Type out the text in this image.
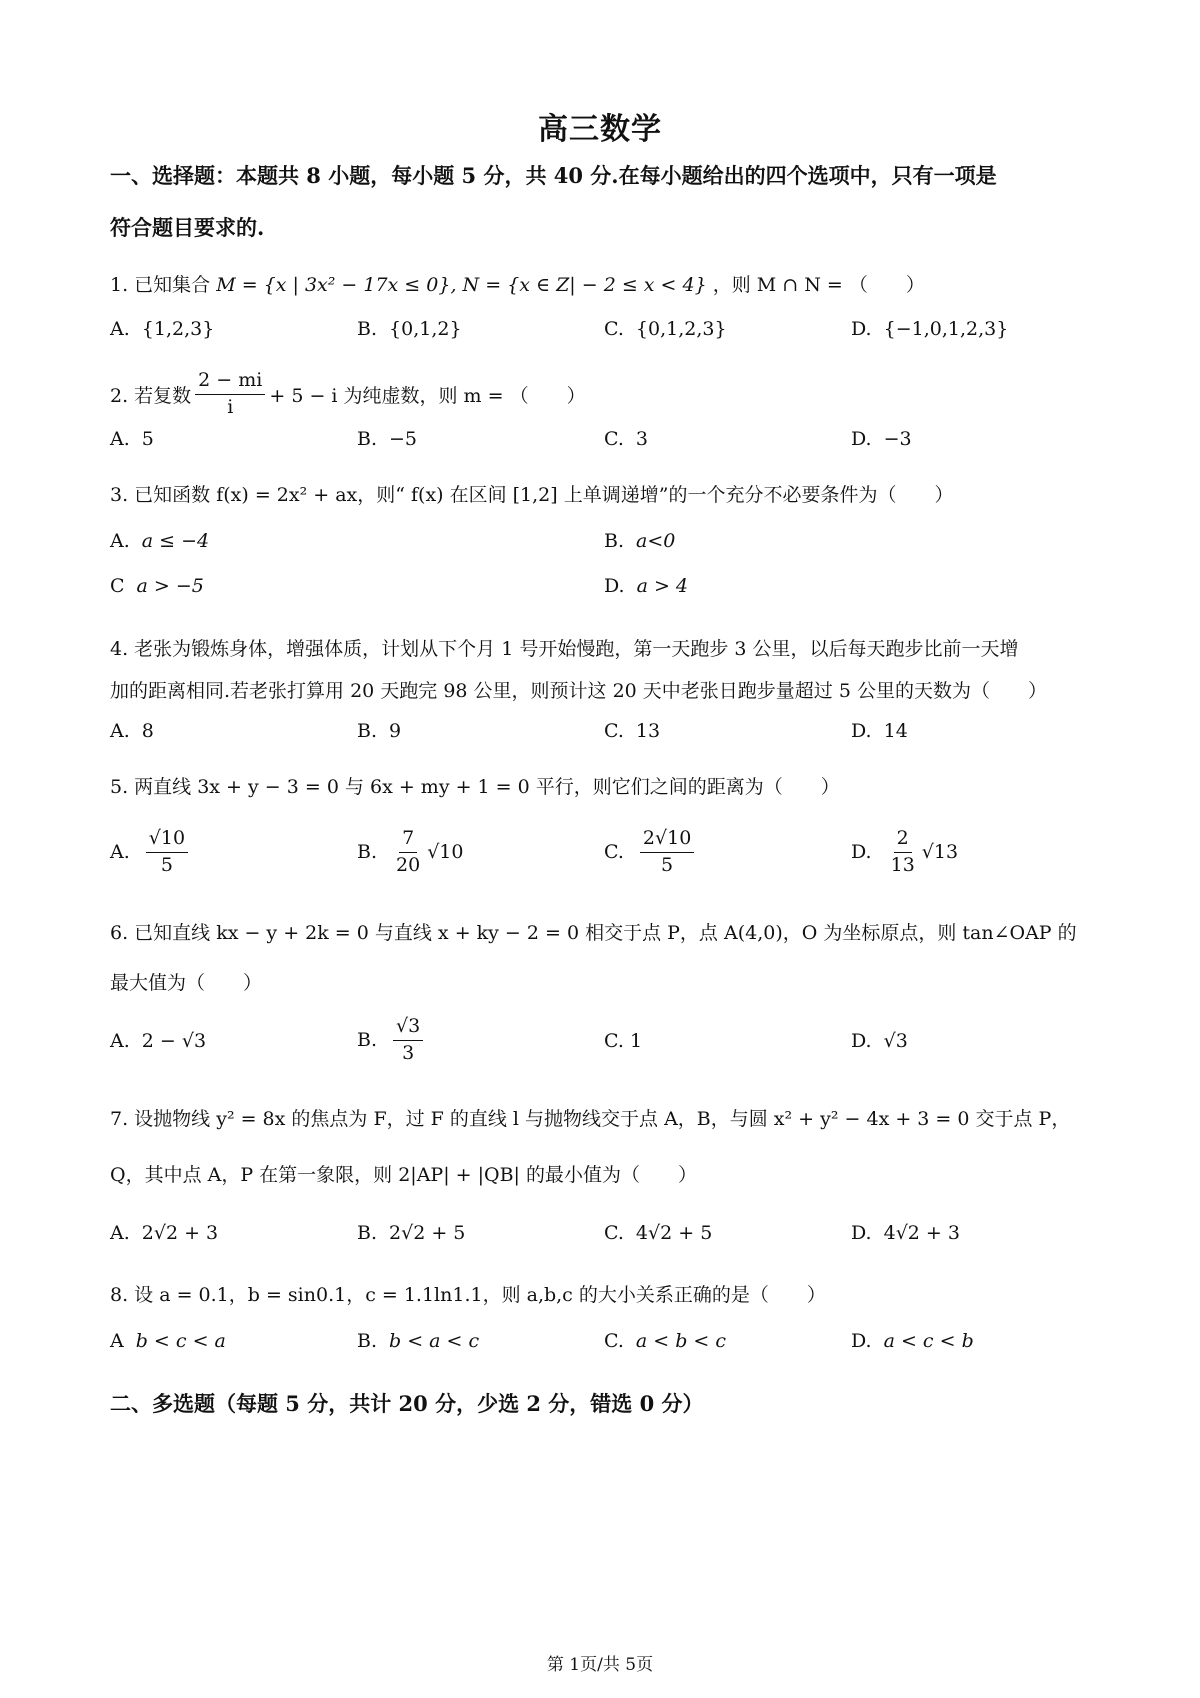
高三数学
一、选择题：本题共 8 小题，每小题 5 分，共 40 分.在每小题给出的四个选项中，只有一项是
符合题目要求的.
1. 已知集合 M = {x | 3x² − 17x ≤ 0}, N = {x ∈ Z| − 2 ≤ x < 4} ，则 M ∩ N = （　　）
A. {1,2,3}	B. {0,1,2}	C. {0,1,2,3}	D. {−1,0,1,2,3}
2. 若复数 $\frac{2 - mi}{i} + 5 - i$ 为纯虚数，则 m = （　　）
A. 5	B. −5	C. 3	D. −3
3. 已知函数 f(x) = 2x² + ax，则“ f(x) 在区间 [1,2] 上单调递增”的一个充分不必要条件为（　　）
A. a ≤ −4	B. a<0
C a > −5	D. a > 4
4. 老张为锻炼身体，增强体质，计划从下个月 1 号开始慢跑，第一天跑步 3 公里，以后每天跑步比前一天增
加的距离相同.若老张打算用 20 天跑完 98 公里，则预计这 20 天中老张日跑步量超过 5 公里的天数为（　　）
A. 8	B. 9	C. 13	D. 14
5. 两直线 3x + y − 3 = 0 与 6x + my + 1 = 0 平行，则它们之间的距离为（　　）
A. $\frac{√10}{5}$	B. $\frac{7}{20} √10$	C. $\frac{2√10}{5}$	D. $\frac{2}{13} √13$
6. 已知直线 kx − y + 2k = 0 与直线 x + ky − 2 = 0 相交于点 P，点 A(4,0)，O 为坐标原点，则 tan∠OAP 的
最大值为（　　）
A. 2 − √3	B. $\frac{√3}{3}$	C. 1	D. √3
7. 设抛物线 y² = 8x 的焦点为 F，过 F 的直线 l 与抛物线交于点 A，B，与圆 x² + y² − 4x + 3 = 0 交于点 P，
Q，其中点 A，P 在第一象限，则 2|AP| + |QB| 的最小值为（　　）
A. 2√2 + 3	B. 2√2 + 5	C. 4√2 + 5	D. 4√2 + 3
8. 设 a = 0.1，b = sin0.1，c = 1.1ln1.1，则 a,b,c 的大小关系正确的是（　　）
A b < c < a	B. b < a < c	C. a < b < c	D. a < c < b
二、多选题（每题 5 分，共计 20 分，少选 2 分，错选 0 分）
第 1页/共 5页
